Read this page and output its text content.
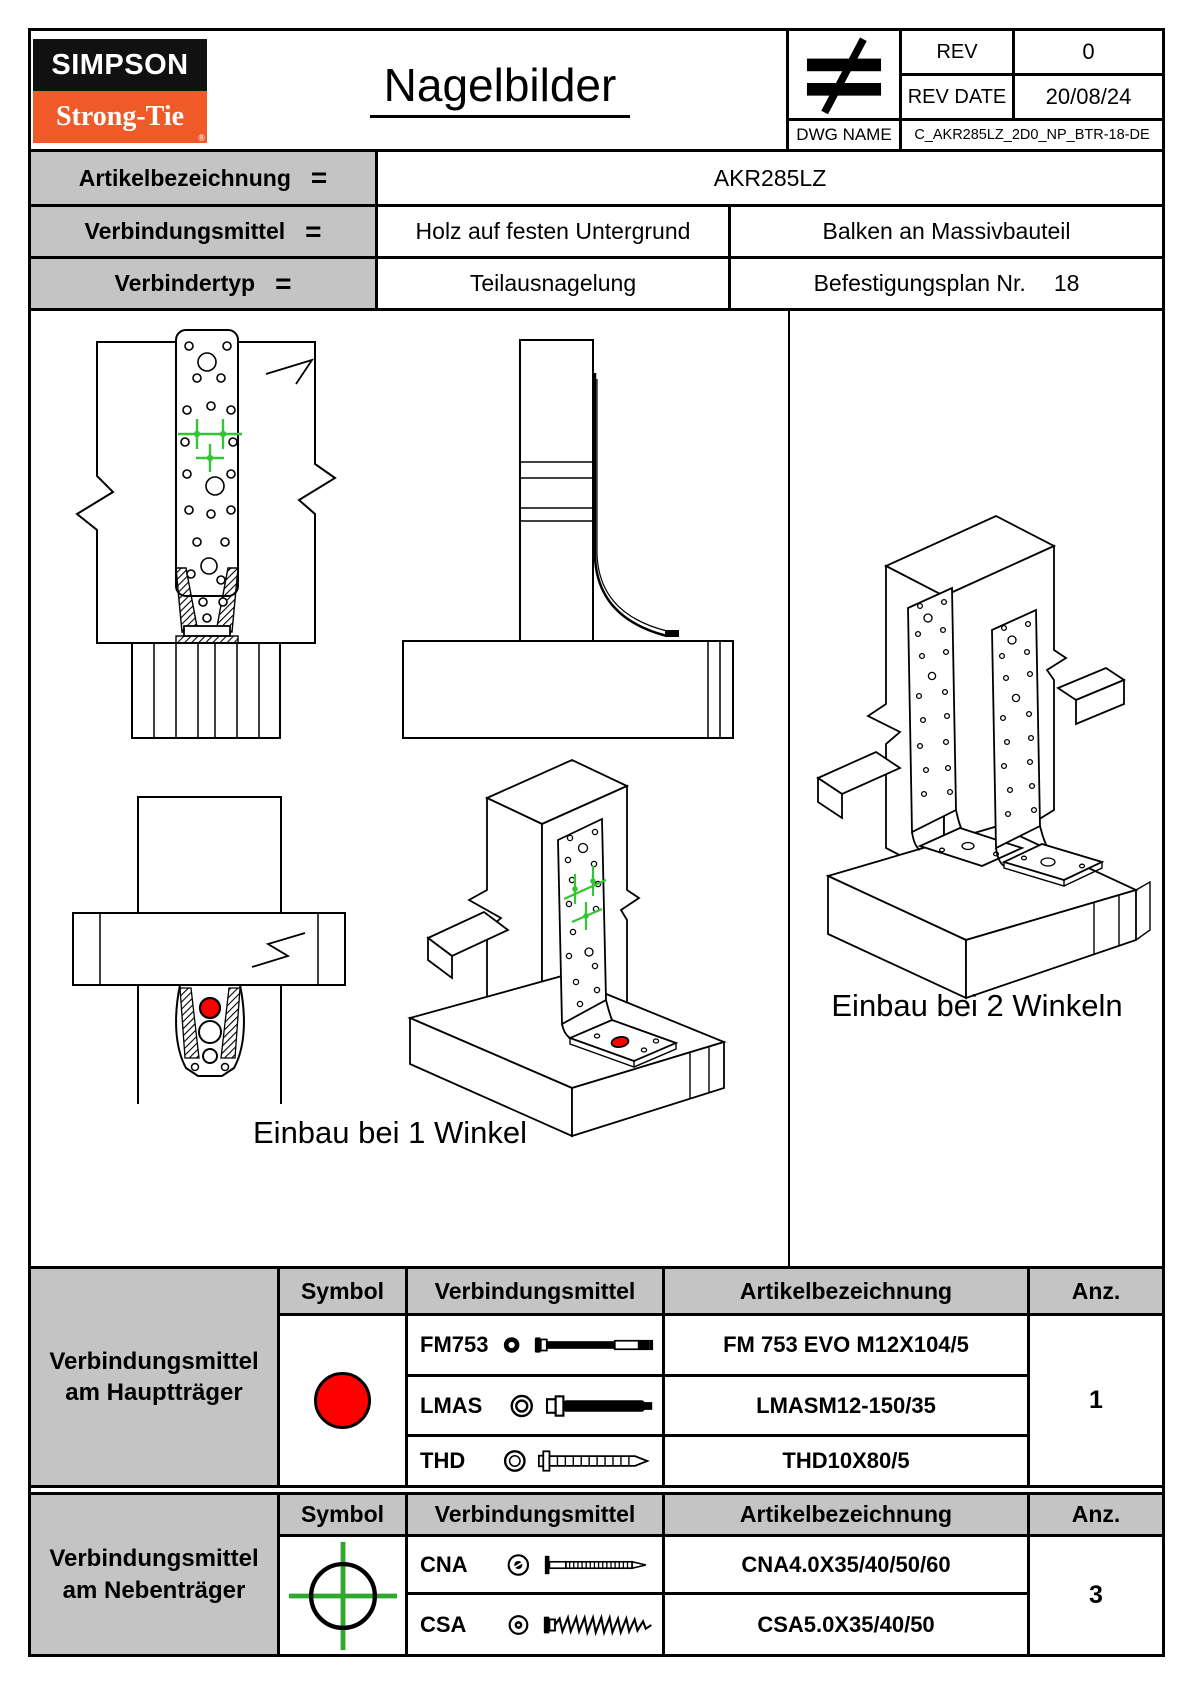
SIMPSON
Strong-Tie
®
Nagelbilder
REV	0
REV DATE	20/08/24
DWG NAME	C_AKR285LZ_2D0_NP_BTR-18-DE
Artikelbezeichnung =	AKR285LZ
Verbindungsmittel =	Holz auf festen Untergrund	Balken an Massivbauteil
Verbindertyp =	Teilausnagelung	Befestigungsplan Nr. 18
Einbau bei 1 Winkel
Einbau bei 2 Winkeln
Verbindungsmittel
am Hauptträger
Symbol	Verbindungsmittel	Artikelbezeichnung	Anz.
FM753	FM 753 EVO M12X104/5
LMAS	LMASM12-150/35
THD	THD10X80/5
1
Verbindungsmittel
am Nebenträger
Symbol	Verbindungsmittel	Artikelbezeichnung	Anz.
CNA	CNA4.0X35/40/50/60
CSA	CSA5.0X35/40/50
3
